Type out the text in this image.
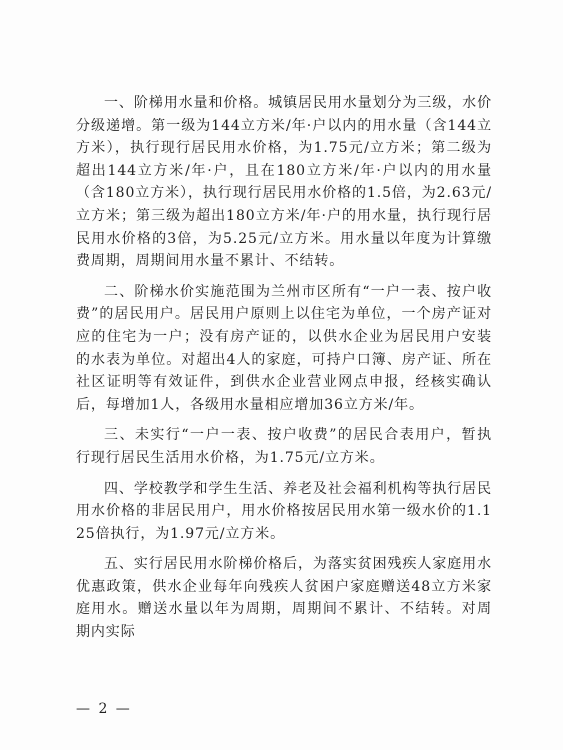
一、阶梯用水量和价格。城镇居民用水量划分为三级，水价分级递增。第一级为144立方米/年·户以内的用水量（含144立方米），执行现行居民用水价格，为1.75元/立方米；第二级为超出144立方米/年·户，且在180立方米/年·户以内的用水量（含180立方米），执行现行居民用水价格的1.5倍，为2.63元/立方米；第三级为超出180立方米/年·户的用水量，执行现行居民用水价格的3倍，为5.25元/立方米。用水量以年度为计算缴费周期，周期间用水量不累计、不结转。

二、阶梯水价实施范围为兰州市区所有“一户一表、按户收费”的居民用户。居民用户原则上以住宅为单位，一个房产证对应的住宅为一户；没有房产证的，以供水企业为居民用户安装的水表为单位。对超出4人的家庭，可持户口簿、房产证、所在社区证明等有效证件，到供水企业营业网点申报，经核实确认后，每增加1人，各级用水量相应增加36立方米/年。

三、未实行“一户一表、按户收费”的居民合表用户，暂执行现行居民生活用水价格，为1.75元/立方米。

四、学校教学和学生生活、养老及社会福利机构等执行居民用水价格的非居民用户，用水价格按居民用水第一级水价的1.125倍执行，为1.97元/立方米。

五、实行居民用水阶梯价格后，为落实贫困残疾人家庭用水优惠政策，供水企业每年向残疾人贫困户家庭赠送48立方米家庭用水。赠送水量以年为周期，周期间不累计、不结转。对周期内实际

— 2 —
